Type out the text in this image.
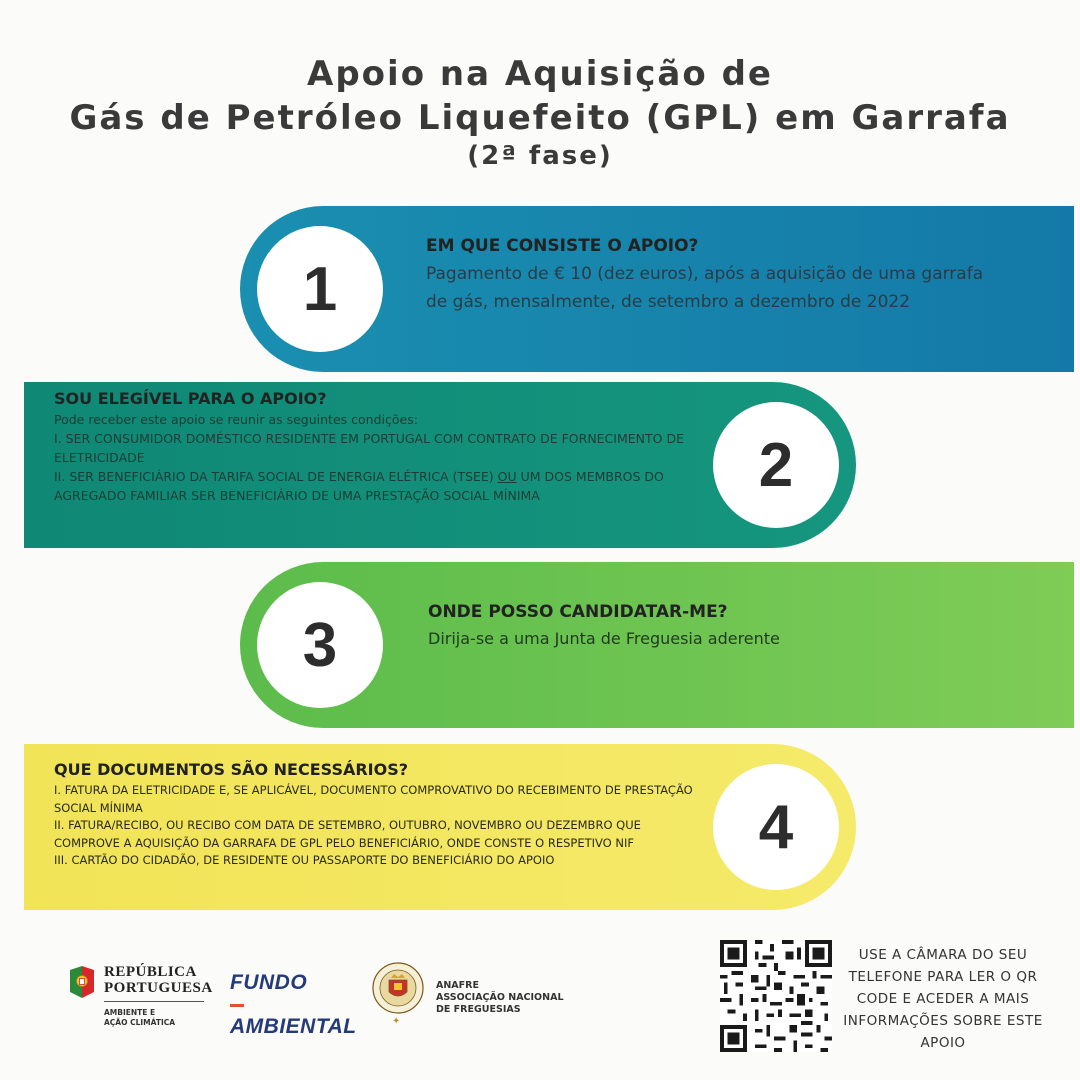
Apoio na Aquisição de
Gás de Petróleo Liquefeito (GPL) em Garrafa
(2ª fase)
1
EM QUE CONSISTE O APOIO?
Pagamento de € 10 (dez euros), após a aquisição de uma garrafa de gás, mensalmente, de setembro a dezembro de 2022
SOU ELEGÍVEL PARA O APOIO?
Pode receber este apoio se reunir as seguintes condições:
I. SER CONSUMIDOR DOMÉSTICO RESIDENTE EM PORTUGAL COM CONTRATO DE FORNECIMENTO DE ELETRICIDADE
II. SER BENEFICIÁRIO DA TARIFA SOCIAL DE ENERGIA ELÉTRICA (TSEE) OU UM DOS MEMBROS DO AGREGADO FAMILIAR SER BENEFICIÁRIO DE UMA PRESTAÇÃO SOCIAL MÍNIMA	2
3	ONDE POSSO CANDIDATAR-ME?
Dirija-se a uma Junta de Freguesia aderente
QUE DOCUMENTOS SÃO NECESSÁRIOS?
I. FATURA DA ELETRICIDADE E, SE APLICÁVEL, DOCUMENTO COMPROVATIVO DO RECEBIMENTO DE PRESTAÇÃO SOCIAL MÍNIMA
II. FATURA/RECIBO, OU RECIBO COM DATA DE SETEMBRO, OUTUBRO, NOVEMBRO OU DEZEMBRO QUE COMPROVE A AQUISIÇÃO DA GARRAFA DE GPL PELO BENEFICIÁRIO, ONDE CONSTE O RESPETIVO NIF
III. CARTÃO DO CIDADÃO, DE RESIDENTE OU PASSAPORTE DO BENEFICIÁRIO DO APOIO	4
REPÚBLICA
PORTUGUESA
AMBIENTE E
AÇÃO CLIMÁTICA
FUNDO
AMBIENTAL	✦
ANAFRE
ASSOCIAÇÃO NACIONAL
DE FREGUESIAS
USE A CÂMARA DO SEU TELEFONE PARA LER O QR CODE E ACEDER A MAIS INFORMAÇÕES SOBRE ESTE APOIO
